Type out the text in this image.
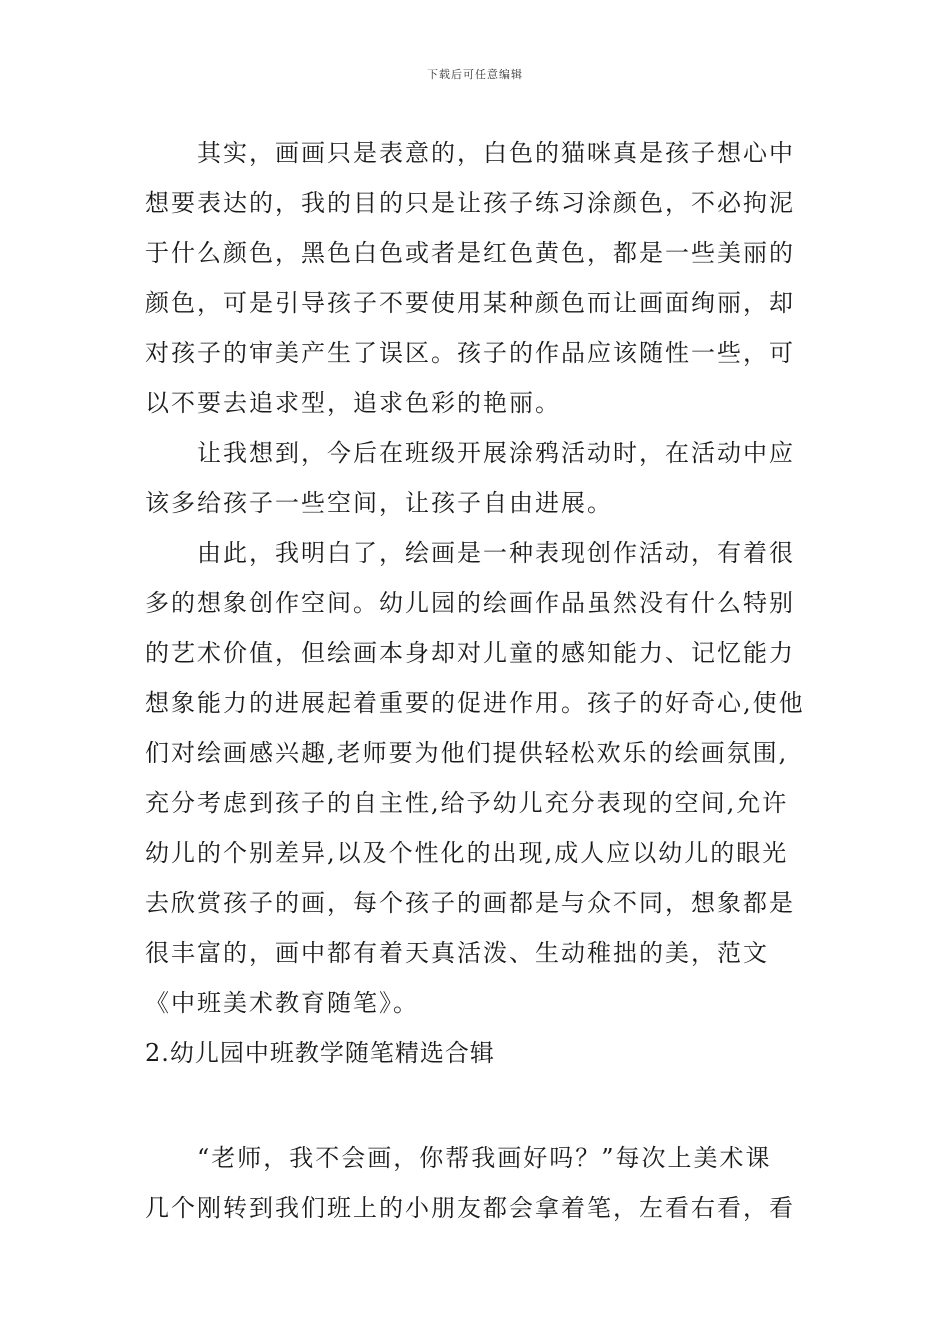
下载后可任意编辑
其实，画画只是表意的，白色的猫咪真是孩子想心中
想要表达的，我的目的只是让孩子练习涂颜色，不必拘泥
于什么颜色，黑色白色或者是红色黄色，都是一些美丽的
颜色，可是引导孩子不要使用某种颜色而让画面绚丽，却
对孩子的审美产生了误区。孩子的作品应该随性一些，可
以不要去追求型，追求色彩的艳丽。
让我想到，今后在班级开展涂鸦活动时，在活动中应
该多给孩子一些空间，让孩子自由进展。
由此，我明白了，绘画是一种表现创作活动，有着很
多的想象创作空间。幼儿园的绘画作品虽然没有什么特别
的艺术价值，但绘画本身却对儿童的感知能力、记忆能力
想象能力的进展起着重要的促进作用。孩子的好奇心,使他
们对绘画感兴趣,老师要为他们提供轻松欢乐的绘画氛围,
充分考虑到孩子的自主性,给予幼儿充分表现的空间,允许
幼儿的个别差异,以及个性化的出现,成人应以幼儿的眼光
去欣赏孩子的画，每个孩子的画都是与众不同，想象都是
很丰富的，画中都有着天真活泼、生动稚拙的美，范文
《中班美术教育随笔》。
2.幼儿园中班教学随笔精选合辑
“老师，我不会画，你帮我画好吗？”每次上美术课
几个刚转到我们班上的小朋友都会拿着笔，左看右看，看
